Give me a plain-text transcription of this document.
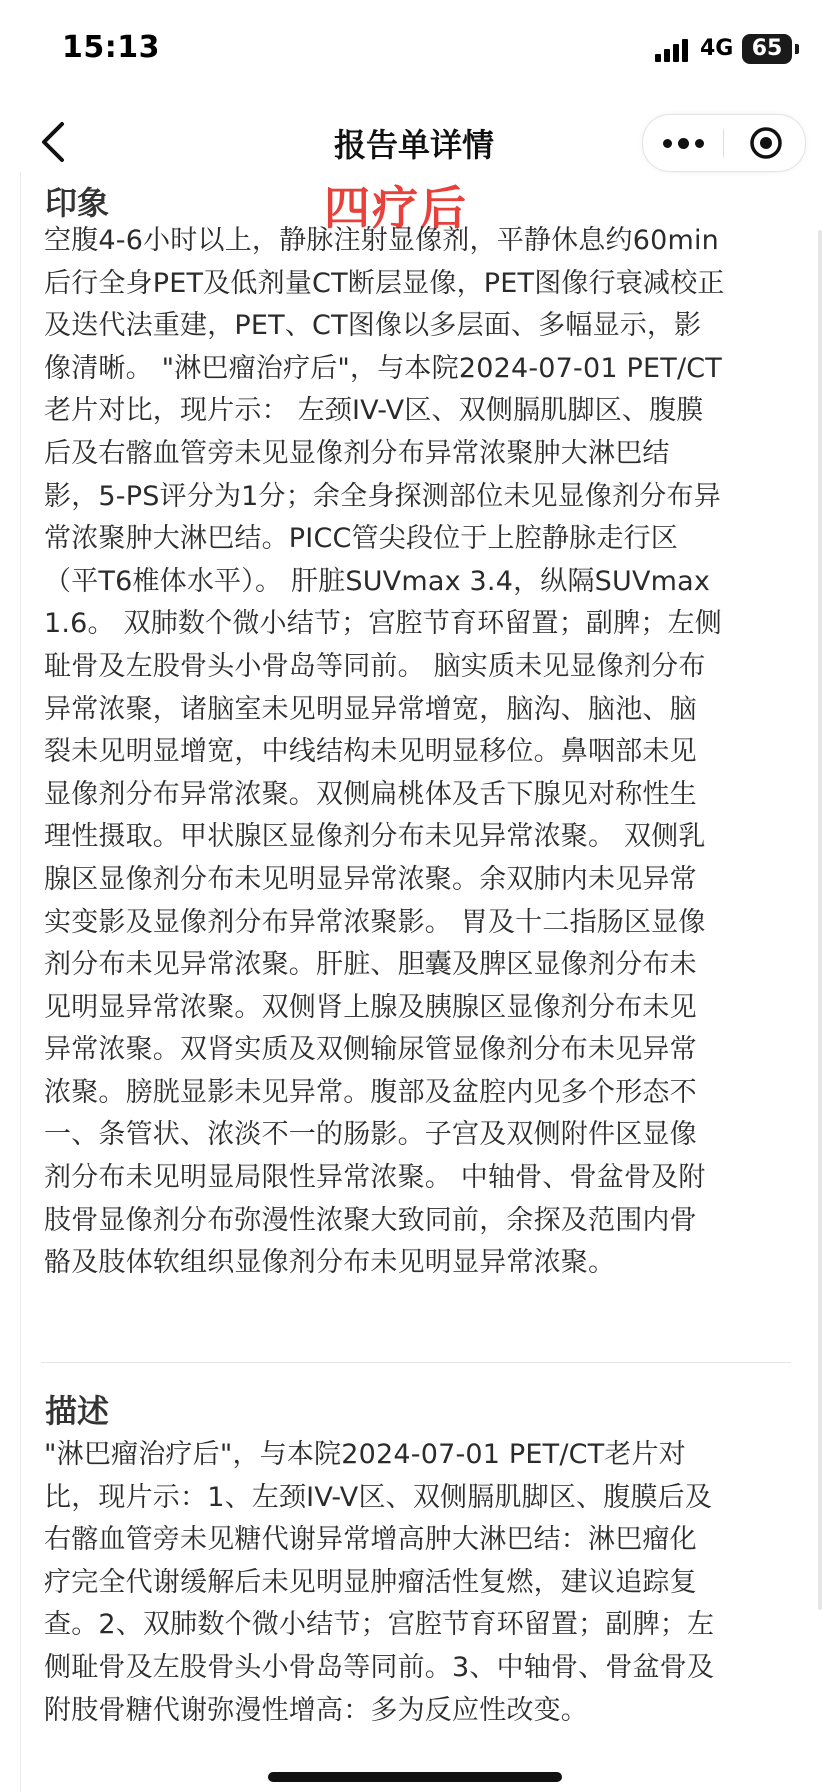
15:13	4G 65
报告单详情
印象	四疗后
空腹4-6小时以上，静脉注射显像剂，平静休息约60min
后行全身PET及低剂量CT断层显像，PET图像行衰减校正
及迭代法重建，PET、CT图像以多层面、多幅显示，影
像清晰。 "淋巴瘤治疗后"，与本院2024-07-01 PET/CT
老片对比，现片示： 左颈IV-V区、双侧膈肌脚区、腹膜
后及右髂血管旁未见显像剂分布异常浓聚肿大淋巴结
影，5-PS评分为1分；余全身探测部位未见显像剂分布异
常浓聚肿大淋巴结。PICC管尖段位于上腔静脉走行区
（平T6椎体水平）。 肝脏SUVmax 3.4，纵隔SUVmax
1.6。 双肺数个微小结节；宫腔节育环留置；副脾；左侧
耻骨及左股骨头小骨岛等同前。 脑实质未见显像剂分布
异常浓聚，诸脑室未见明显异常增宽，脑沟、脑池、脑
裂未见明显增宽，中线结构未见明显移位。鼻咽部未见
显像剂分布异常浓聚。双侧扁桃体及舌下腺见对称性生
理性摄取。甲状腺区显像剂分布未见异常浓聚。 双侧乳
腺区显像剂分布未见明显异常浓聚。余双肺内未见异常
实变影及显像剂分布异常浓聚影。 胃及十二指肠区显像
剂分布未见异常浓聚。肝脏、胆囊及脾区显像剂分布未
见明显异常浓聚。双侧肾上腺及胰腺区显像剂分布未见
异常浓聚。双肾实质及双侧输尿管显像剂分布未见异常
浓聚。膀胱显影未见异常。腹部及盆腔内见多个形态不
一、条管状、浓淡不一的肠影。子宫及双侧附件区显像
剂分布未见明显局限性异常浓聚。 中轴骨、骨盆骨及附
肢骨显像剂分布弥漫性浓聚大致同前，余探及范围内骨
骼及肢体软组织显像剂分布未见明显异常浓聚。
描述
"淋巴瘤治疗后"，与本院2024-07-01 PET/CT老片对
比，现片示：1、左颈IV-V区、双侧膈肌脚区、腹膜后及
右髂血管旁未见糖代谢异常增高肿大淋巴结：淋巴瘤化
疗完全代谢缓解后未见明显肿瘤活性复燃，建议追踪复
查。2、双肺数个微小结节；宫腔节育环留置；副脾；左
侧耻骨及左股骨头小骨岛等同前。3、中轴骨、骨盆骨及
附肢骨糖代谢弥漫性增高：多为反应性改变。
